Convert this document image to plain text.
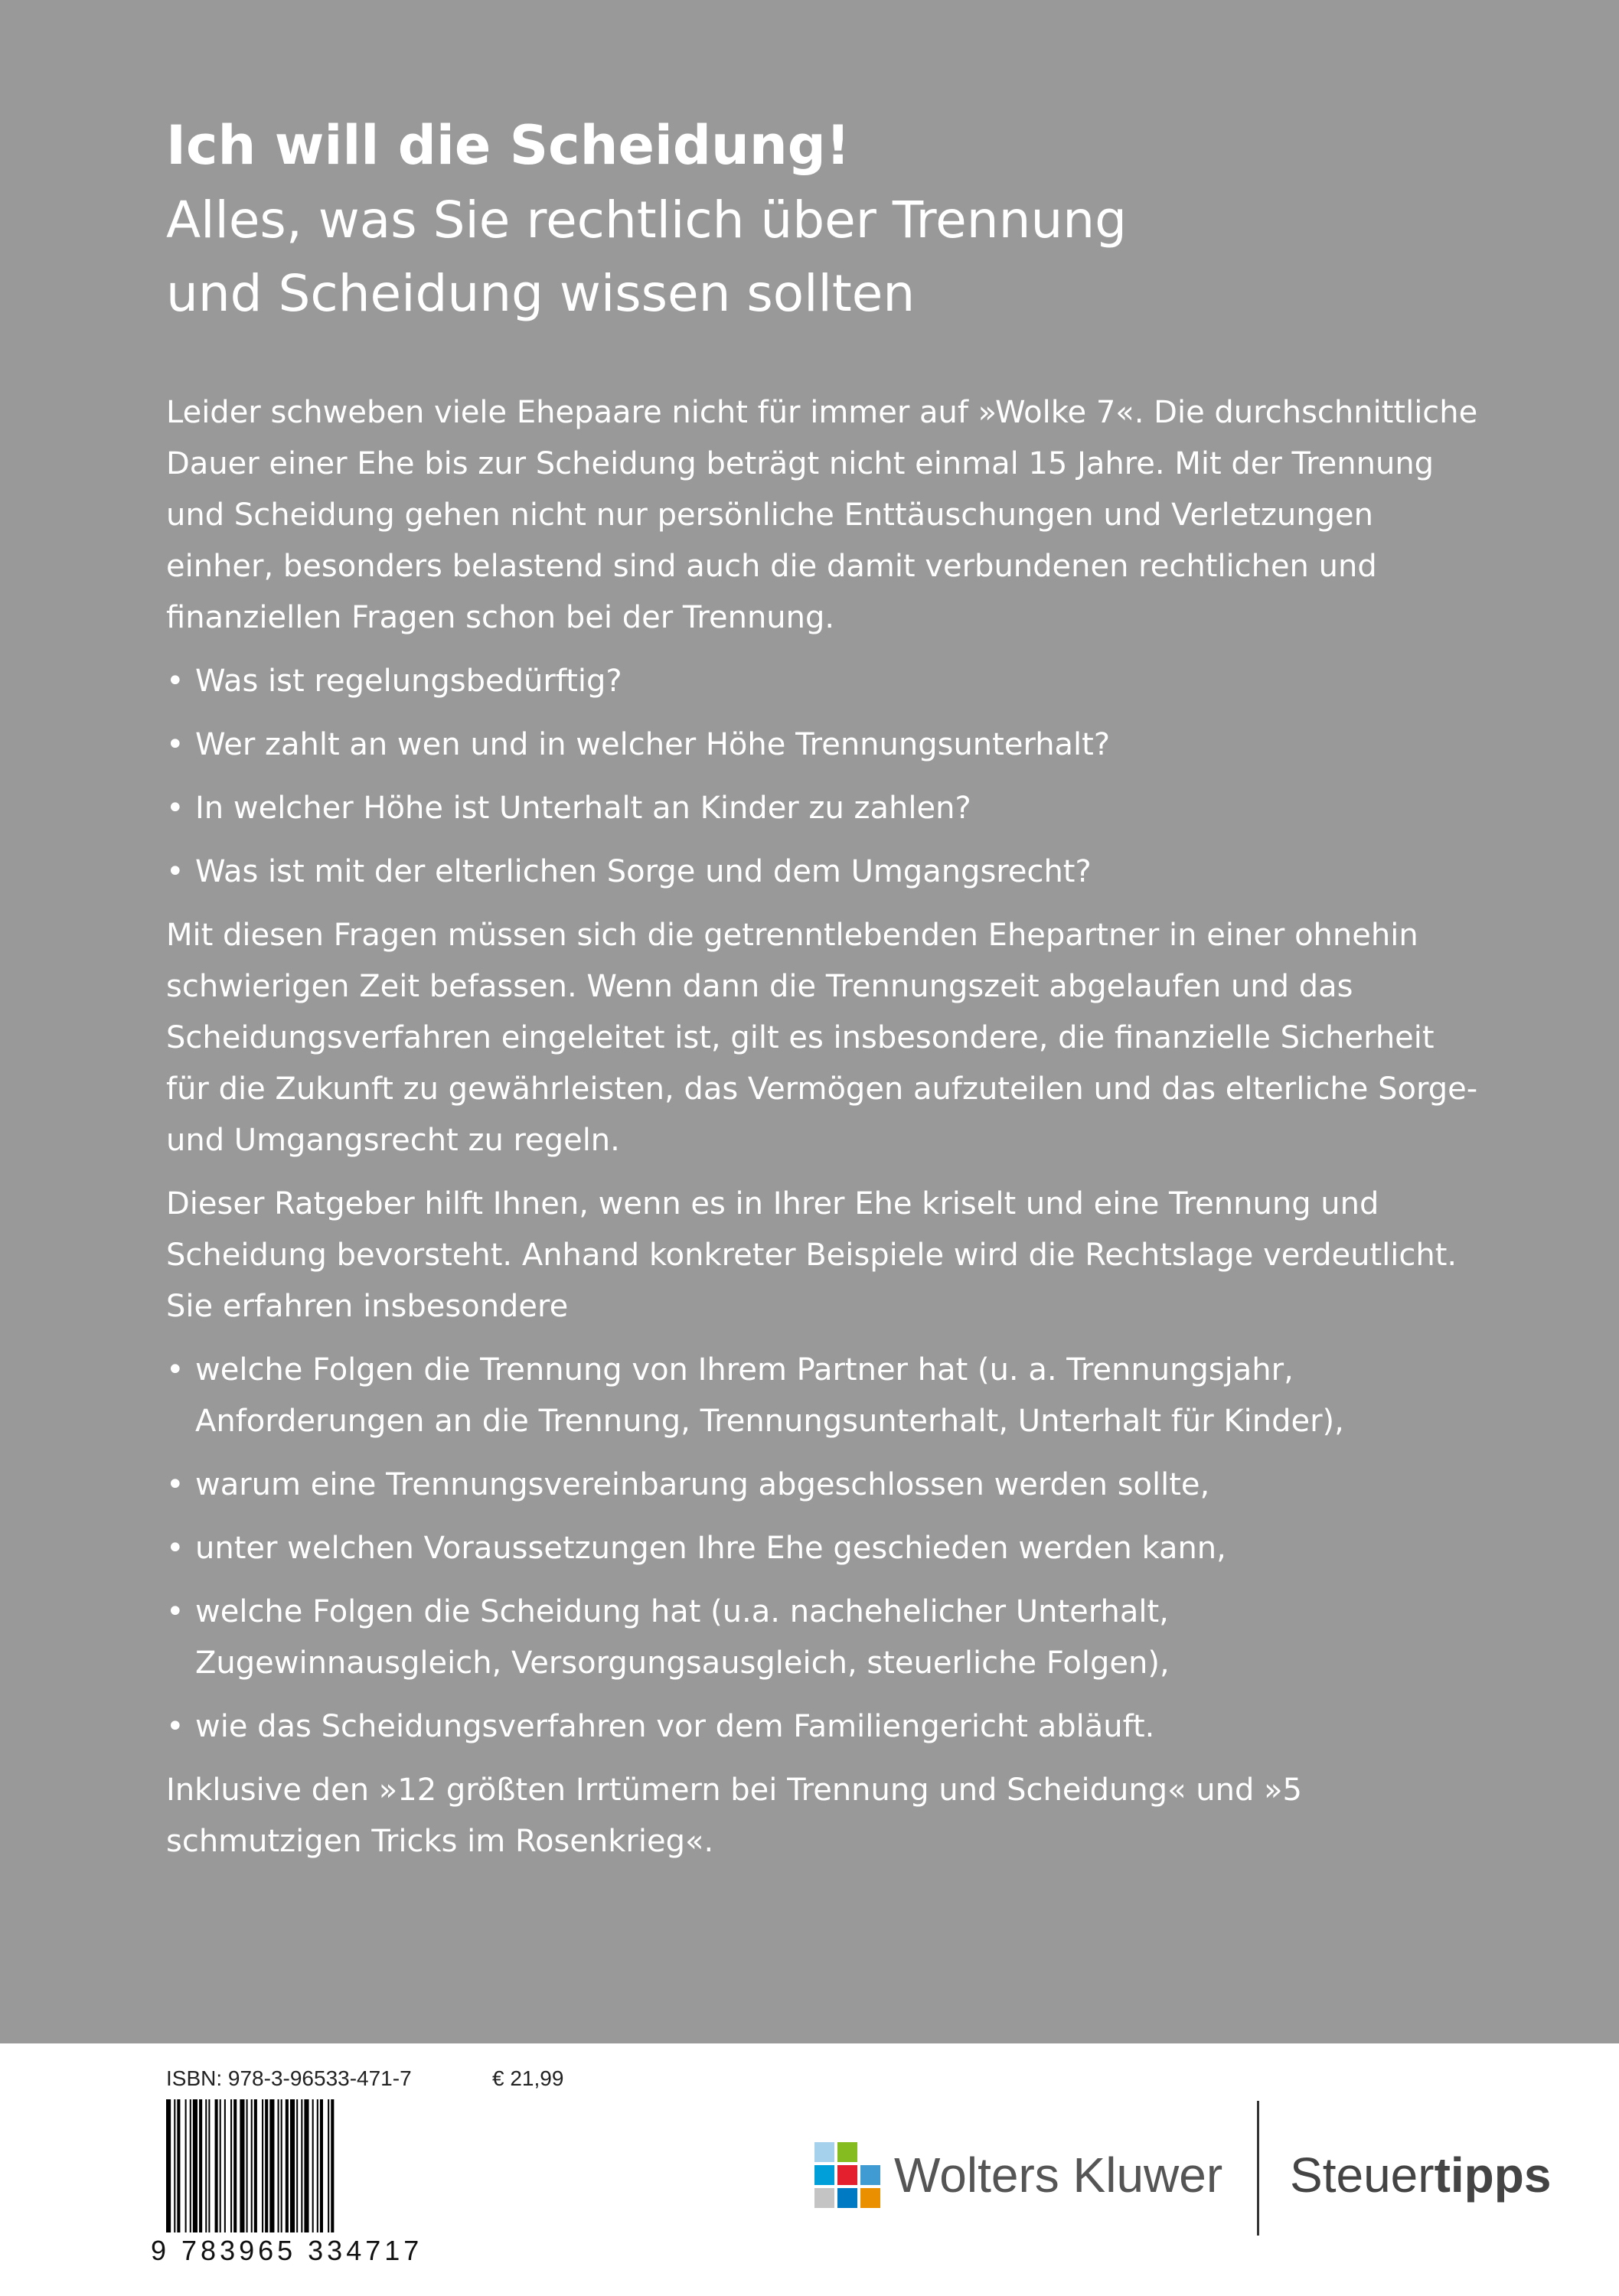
Ich will die Scheidung!

Alles, was Sie rechtlich über Trennung

und Scheidung wissen sollten

Leider schweben viele Ehepaare nicht für immer auf »Wolke 7«. Die durchschnittliche Dauer einer Ehe bis zur Scheidung beträgt nicht einmal 15 Jahre. Mit der Trennung und Scheidung gehen nicht nur persönliche Enttäuschungen und Verletzungen einher, besonders belastend sind auch die damit verbundenen rechtlichen und finanziellen Fragen schon bei der Trennung.

• Was ist regelungsbedürftig?
• Wer zahlt an wen und in welcher Höhe Trennungsunterhalt?
• In welcher Höhe ist Unterhalt an Kinder zu zahlen?
• Was ist mit der elterlichen Sorge und dem Umgangsrecht?

Mit diesen Fragen müssen sich die getrenntlebenden Ehepartner in einer ohnehin schwierigen Zeit befassen. Wenn dann die Trennungszeit abgelaufen und das Scheidungsverfahren eingeleitet ist, gilt es insbesondere, die finanzielle Sicherheit für die Zukunft zu gewährleisten, das Vermögen aufzuteilen und das elterliche Sorge- und Umgangsrecht zu regeln.

Dieser Ratgeber hilft Ihnen, wenn es in Ihrer Ehe kriselt und eine Trennung und Scheidung bevorsteht. Anhand konkreter Beispiele wird die Rechtslage verdeutlicht. Sie erfahren insbesondere

• welche Folgen die Trennung von Ihrem Partner hat (u. a. Trennungsjahr, Anforderungen an die Trennung, Trennungsunterhalt, Unterhalt für Kinder),
• warum eine Trennungsvereinbarung abgeschlossen werden sollte,
• unter welchen Voraussetzungen Ihre Ehe geschieden werden kann,
• welche Folgen die Scheidung hat (u.a. nachehelicher Unterhalt, Zugewinnausgleich, Versorgungsausgleich, steuerliche Folgen),
• wie das Scheidungsverfahren vor dem Familiengericht abläuft.

Inklusive den »12 größten Irrtümern bei Trennung und Scheidung« und »5 schmutzigen Tricks im Rosenkrieg«.

ISBN: 978-3-96533-471-7	€ 21,99
9 783965 334717
Wolters Kluwer Steuertipps
